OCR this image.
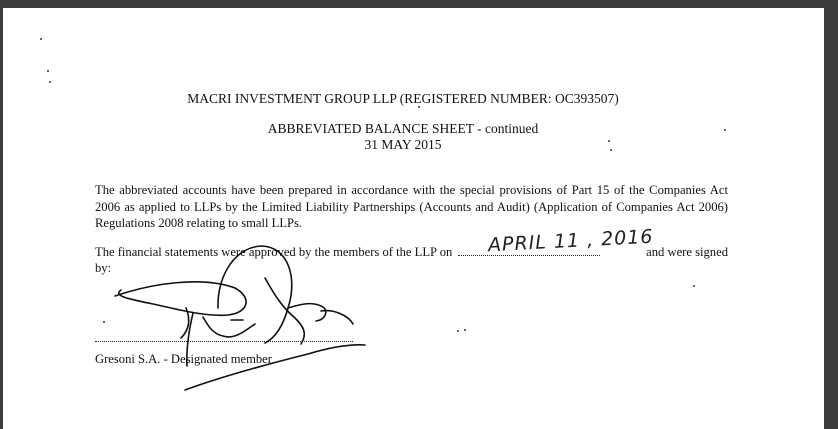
MACRI INVESTMENT GROUP LLP (REGISTERED NUMBER: OC393507)
ABBREVIATED BALANCE SHEET - continued
31 MAY 2015
The abbreviated accounts have been prepared in accordance with the special provisions of Part 15 of the Companies Act 2006 as applied to LLPs by the Limited Liability Partnerships (Accounts and Audit) (Application of Companies Act 2006) Regulations 2008 relating to small LLPs.
The financial statements were approved by the members of the LLP on	and were signed
by:
APRIL 11 , 2016
Gresoni S.A. - Designated member
